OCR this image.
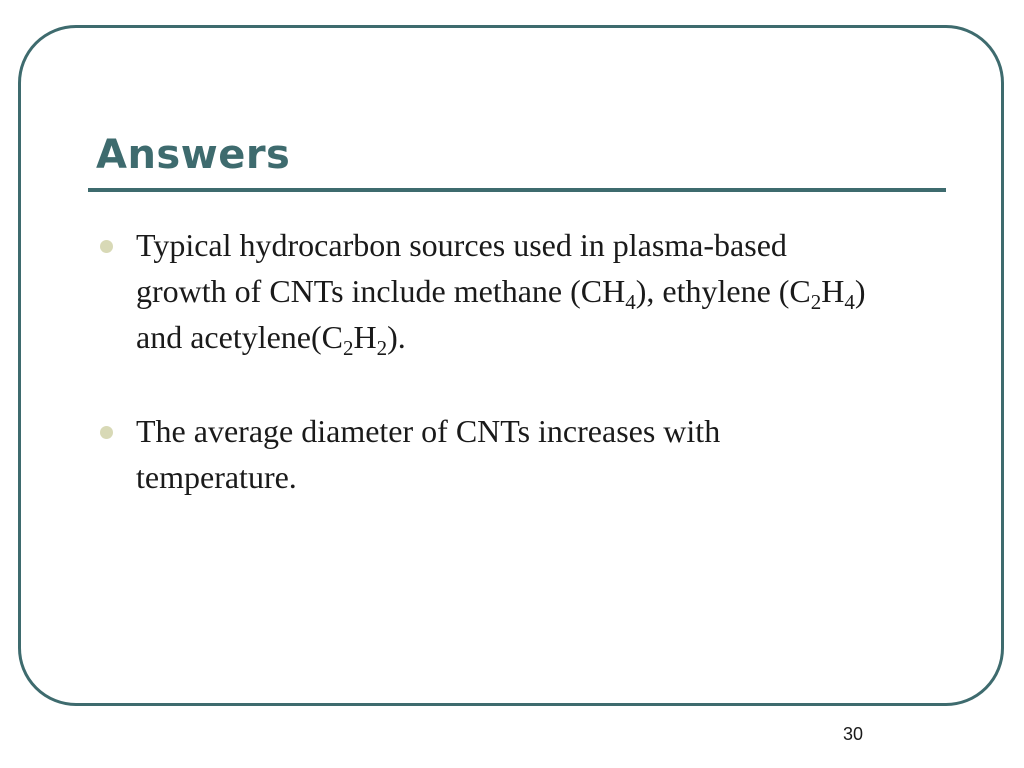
Answers
Typical hydrocarbon sources used in plasma-based growth of CNTs include methane $(CH_4)$, ethylene $(C_2H_4)$ and $acetylene(C_2H_2)$.
The average diameter of CNTs increases with temperature.
30
